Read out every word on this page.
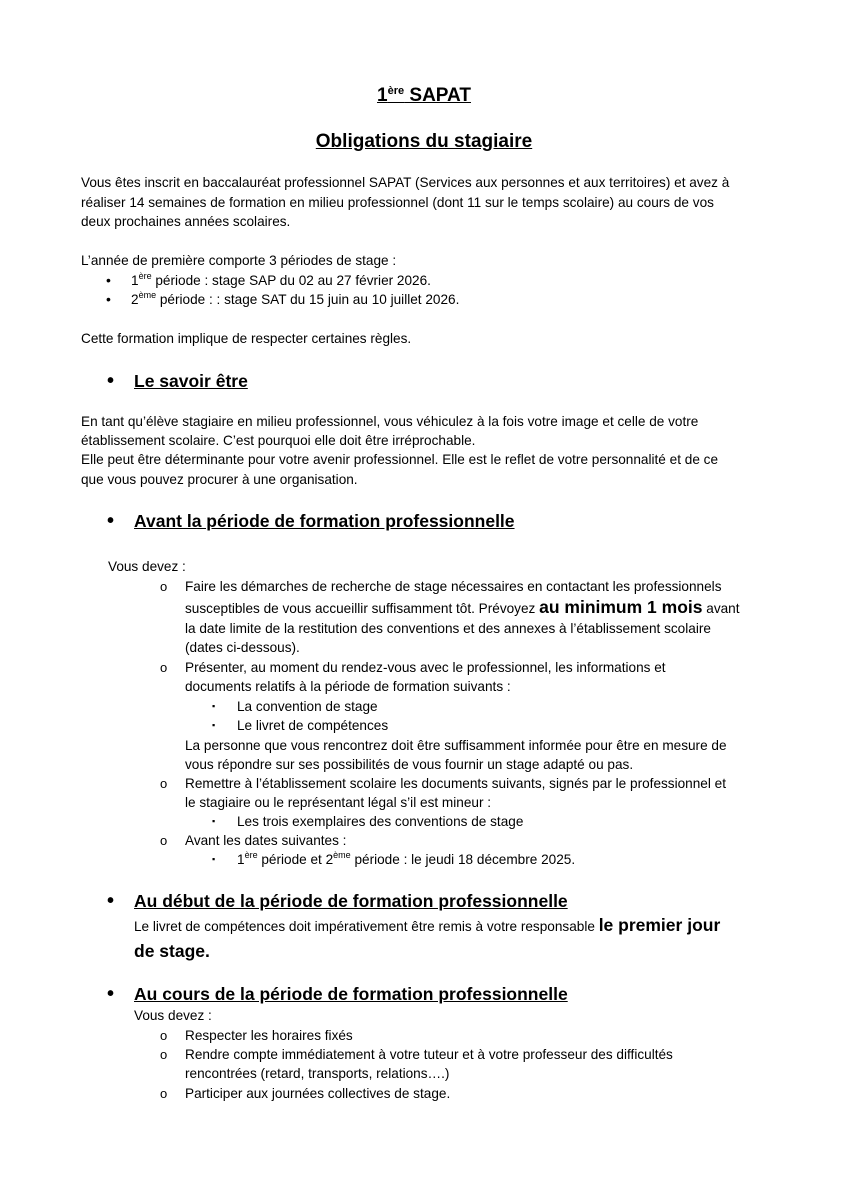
1ère SAPAT
Obligations du stagiaire
Vous êtes inscrit en baccalauréat professionnel SAPAT (Services aux personnes et aux territoires) et avez à
réaliser 14 semaines de formation en milieu professionnel (dont 11 sur le temps scolaire) au cours de vos
deux prochaines années scolaires.
L’année de première comporte 3 périodes de stage :
• 1ère période : stage SAP du 02 au 27 février 2026.
• 2ème période : : stage SAT du 15 juin au 10 juillet 2026.
Cette formation implique de respecter certaines règles.
• Le savoir être
En tant qu’élève stagiaire en milieu professionnel, vous véhiculez à la fois votre image et celle de votre
établissement scolaire. C’est pourquoi elle doit être irréprochable.
Elle peut être déterminante pour votre avenir professionnel. Elle est le reflet de votre personnalité et de ce
que vous pouvez procurer à une organisation.
• Avant la période de formation professionnelle
Vous devez :
o Faire les démarches de recherche de stage nécessaires en contactant les professionnels
susceptibles de vous accueillir suffisamment tôt. Prévoyez au minimum 1 mois avant
la date limite de la restitution des conventions et des annexes à l’établissement scolaire
(dates ci-dessous).
o Présenter, au moment du rendez-vous avec le professionnel, les informations et
documents relatifs à la période de formation suivants :
▪ La convention de stage
▪ Le livret de compétences
La personne que vous rencontrez doit être suffisamment informée pour être en mesure de
vous répondre sur ses possibilités de vous fournir un stage adapté ou pas.
o Remettre à l’établissement scolaire les documents suivants, signés par le professionnel et
le stagiaire ou le représentant légal s’il est mineur :
▪ Les trois exemplaires des conventions de stage
o Avant les dates suivantes :
▪ 1ère période et 2ème période : le jeudi 18 décembre 2025.
• Au début de la période de formation professionnelle
Le livret de compétences doit impérativement être remis à votre responsable le premier jour
de stage.
• Au cours de la période de formation professionnelle
Vous devez :
o Respecter les horaires fixés
o Rendre compte immédiatement à votre tuteur et à votre professeur des difficultés
rencontrées (retard, transports, relations….)
o Participer aux journées collectives de stage.
